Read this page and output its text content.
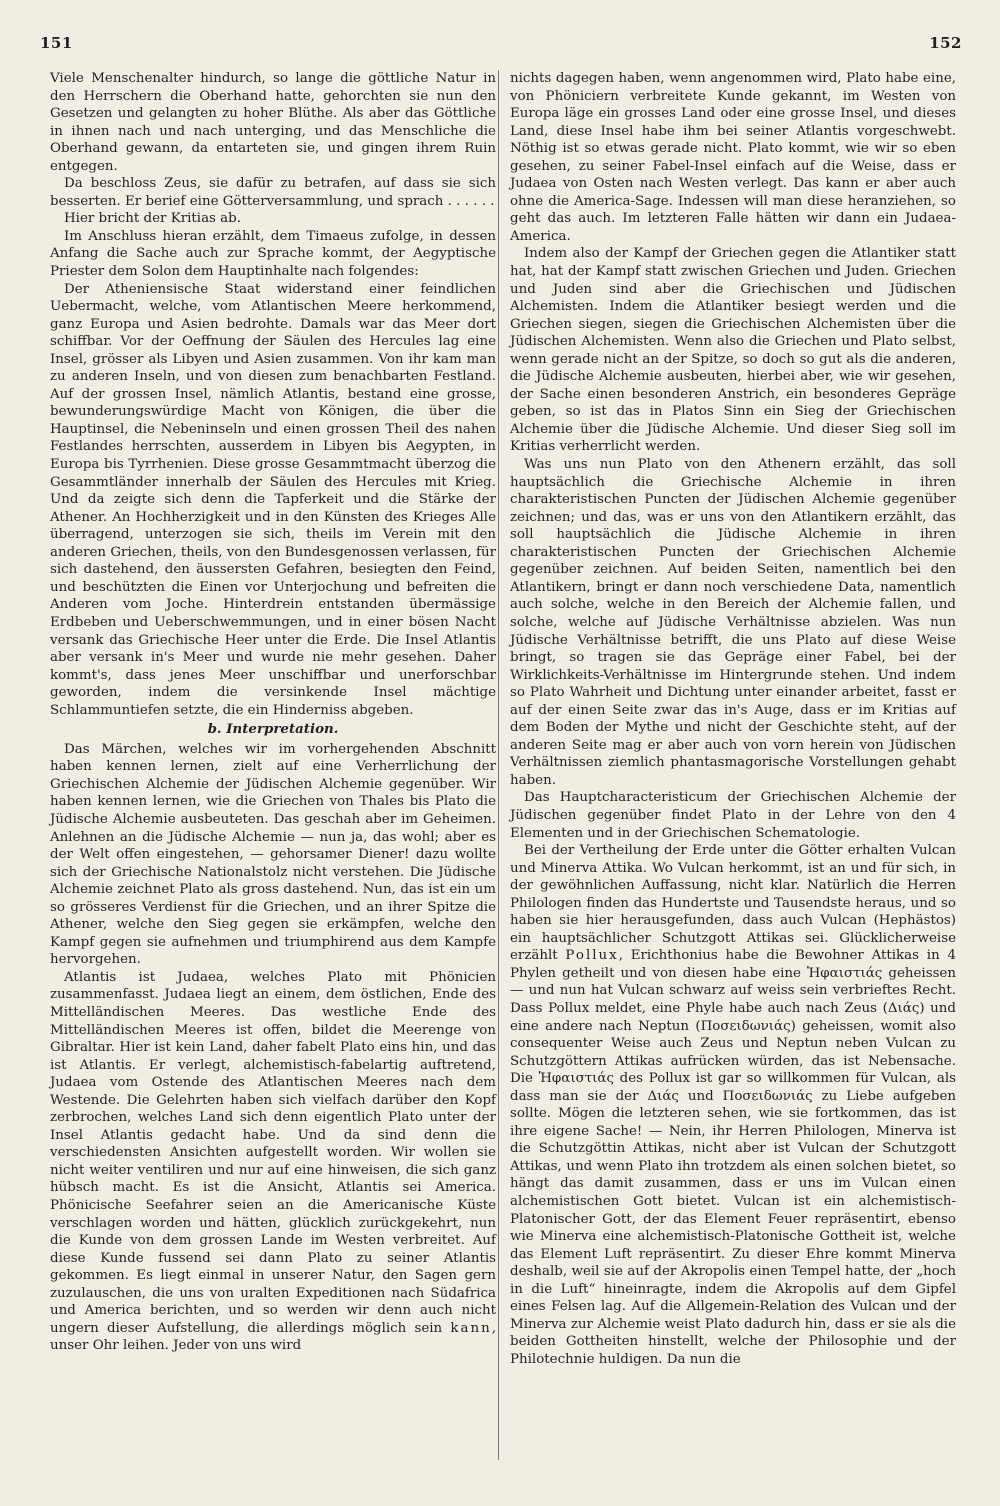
151	152

Viele Menschenalter hindurch, so lange die göttliche Natur in den Herrschern die Oberhand hatte, gehorchten sie nun den Gesetzen und gelangten zu hoher Blüthe. Als aber das Göttliche in ihnen nach und nach unterging, und das Menschliche die Oberhand gewann, da entarteten sie, und gingen ihrem Ruin entgegen.

Da beschloss Zeus, sie dafür zu betrafen, auf dass sie sich besserten. Er berief eine Götterversammlung, und sprach . . . . . .

Hier bricht der Kritias ab.

Im Anschluss hieran erzählt, dem Timaeus zufolge, in dessen Anfang die Sache auch zur Sprache kommt, der Aegyptische Priester dem Solon dem Hauptinhalte nach folgendes:

Der Atheniensische Staat widerstand einer feindlichen Uebermacht, welche, vom Atlantischen Meere herkommend, ganz Europa und Asien bedrohte. Damals war das Meer dort schiffbar. Vor der Oeffnung der Säulen des Hercules lag eine Insel, grösser als Libyen und Asien zusammen. Von ihr kam man zu anderen Inseln, und von diesen zum benachbarten Festland. Auf der grossen Insel, nämlich Atlantis, bestand eine grosse, bewunderungswürdige Macht von Königen, die über die Hauptinsel, die Nebeninseln und einen grossen Theil des nahen Festlandes herrschten, ausserdem in Libyen bis Aegypten, in Europa bis Tyrrhenien. Diese grosse Gesammtmacht überzog die Gesammtländer innerhalb der Säulen des Hercules mit Krieg. Und da zeigte sich denn die Tapferkeit und die Stärke der Athener. An Hochherzigkeit und in den Künsten des Krieges Alle überragend, unterzogen sie sich, theils im Verein mit den anderen Griechen, theils, von den Bundesgenossen verlassen, für sich dastehend, den äussersten Gefahren, besiegten den Feind, und beschützten die Einen vor Unterjochung und befreiten die Anderen vom Joche. Hinterdrein entstanden übermässige Erdbeben und Ueberschwemmungen, und in einer bösen Nacht versank das Griechische Heer unter die Erde. Die Insel Atlantis aber versank in's Meer und wurde nie mehr gesehen. Daher kommt's, dass jenes Meer unschiffbar und unerforschbar geworden, indem die versinkende Insel mächtige Schlammuntiefen setzte, die ein Hinderniss abgeben.

b. Interpretation.

Das Märchen, welches wir im vorhergehenden Abschnitt haben kennen lernen, zielt auf eine Verherrlichung der Griechischen Alchemie der Jüdischen Alchemie gegenüber. Wir haben kennen lernen, wie die Griechen von Thales bis Plato die Jüdische Alchemie ausbeuteten. Das geschah aber im Geheimen. Anlehnen an die Jüdische Alchemie — nun ja, das wohl; aber es der Welt offen eingestehen, — gehorsamer Diener! dazu wollte sich der Griechische Nationalstolz nicht verstehen. Die Jüdische Alchemie zeichnet Plato als gross dastehend. Nun, das ist ein um so grösseres Verdienst für die Griechen, und an ihrer Spitze die Athener, welche den Sieg gegen sie erkämpfen, welche den Kampf gegen sie aufnehmen und triumphirend aus dem Kampfe hervorgehen.

Atlantis ist Judaea, welches Plato mit Phönicien zusammenfasst. Judaea liegt an einem, dem östlichen, Ende des Mittelländischen Meeres. Das westliche Ende des Mittelländischen Meeres ist offen, bildet die Meerenge von Gibraltar. Hier ist kein Land, daher fabelt Plato eins hin, und das ist Atlantis. Er verlegt, alchemistisch-fabelartig auftretend, Judaea vom Ostende des Atlantischen Meeres nach dem Westende. Die Gelehrten haben sich vielfach darüber den Kopf zerbrochen, welches Land sich denn eigentlich Plato unter der Insel Atlantis gedacht habe. Und da sind denn die verschiedensten Ansichten aufgestellt worden. Wir wollen sie nicht weiter ventiliren und nur auf eine hinweisen, die sich ganz hübsch macht. Es ist die Ansicht, Atlantis sei America. Phönicische Seefahrer seien an die Americanische Küste verschlagen worden und hätten, glücklich zurückgekehrt, nun die Kunde von dem grossen Lande im Westen verbreitet. Auf diese Kunde fussend sei dann Plato zu seiner Atlantis gekommen. Es liegt einmal in unserer Natur, den Sagen gern zuzulauschen, die uns von uralten Expeditionen nach Südafrica und America berichten, und so werden wir denn auch nicht ungern dieser Aufstellung, die allerdings möglich sein kann, unser Ohr leihen. Jeder von uns wird

nichts dagegen haben, wenn angenommen wird, Plato habe eine, von Phöniciern verbreitete Kunde gekannt, im Westen von Europa läge ein grosses Land oder eine grosse Insel, und dieses Land, diese Insel habe ihm bei seiner Atlantis vorgeschwebt. Nöthig ist so etwas gerade nicht. Plato kommt, wie wir so eben gesehen, zu seiner Fabel-Insel einfach auf die Weise, dass er Judaea von Osten nach Westen verlegt. Das kann er aber auch ohne die America-Sage. Indessen will man diese heranziehen, so geht das auch. Im letzteren Falle hätten wir dann ein Judaea-America.

Indem also der Kampf der Griechen gegen die Atlantiker statt hat, hat der Kampf statt zwischen Griechen und Juden. Griechen und Juden sind aber die Griechischen und Jüdischen Alchemisten. Indem die Atlantiker besiegt werden und die Griechen siegen, siegen die Griechischen Alchemisten über die Jüdischen Alchemisten. Wenn also die Griechen und Plato selbst, wenn gerade nicht an der Spitze, so doch so gut als die anderen, die Jüdische Alchemie ausbeuten, hierbei aber, wie wir gesehen, der Sache einen besonderen Anstrich, ein besonderes Gepräge geben, so ist das in Platos Sinn ein Sieg der Griechischen Alchemie über die Jüdische Alchemie. Und dieser Sieg soll im Kritias verherrlicht werden.

Was uns nun Plato von den Athenern erzählt, das soll hauptsächlich die Griechische Alchemie in ihren charakteristischen Puncten der Jüdischen Alchemie gegenüber zeichnen; und das, was er uns von den Atlantikern erzählt, das soll hauptsächlich die Jüdische Alchemie in ihren charakteristischen Puncten der Griechischen Alchemie gegenüber zeichnen. Auf beiden Seiten, namentlich bei den Atlantikern, bringt er dann noch verschiedene Data, namentlich auch solche, welche in den Bereich der Alchemie fallen, und solche, welche auf Jüdische Verhältnisse abzielen. Was nun Jüdische Verhältnisse betrifft, die uns Plato auf diese Weise bringt, so tragen sie das Gepräge einer Fabel, bei der Wirklichkeits-Verhältnisse im Hintergrunde stehen. Und indem so Plato Wahrheit und Dichtung unter einander arbeitet, fasst er auf der einen Seite zwar das in's Auge, dass er im Kritias auf dem Boden der Mythe und nicht der Geschichte steht, auf der anderen Seite mag er aber auch von vorn herein von Jüdischen Verhältnissen ziemlich phantasmagorische Vorstellungen gehabt haben.

Das Hauptcharacteristicum der Griechischen Alchemie der Jüdischen gegenüber findet Plato in der Lehre von den 4 Elementen und in der Griechischen Schematologie.

Bei der Vertheilung der Erde unter die Götter erhalten Vulcan und Minerva Attika. Wo Vulcan herkommt, ist an und für sich, in der gewöhnlichen Auffassung, nicht klar. Natürlich die Herren Philologen finden das Hundertste und Tausendste heraus, und so haben sie hier herausgefunden, dass auch Vulcan (Hephästos) ein hauptsächlicher Schutzgott Attikas sei. Glücklicherweise erzählt Pollux, Erichthonius habe die Bewohner Attikas in 4 Phylen getheilt und von diesen habe eine Ἡφαιστιάς geheissen — und nun hat Vulcan schwarz auf weiss sein verbrieftes Recht. Dass Pollux meldet, eine Phyle habe auch nach Zeus (Διάς) und eine andere nach Neptun (Ποσειδωνιάς) geheissen, womit also consequenter Weise auch Zeus und Neptun neben Vulcan zu Schutzgöttern Attikas aufrücken würden, das ist Nebensache. Die Ἡφαιστιάς des Pollux ist gar so willkommen für Vulcan, als dass man sie der Διάς und Ποσειδωνιάς zu Liebe aufgeben sollte. Mögen die letzteren sehen, wie sie fortkommen, das ist ihre eigene Sache! — Nein, ihr Herren Philologen, Minerva ist die Schutzgöttin Attikas, nicht aber ist Vulcan der Schutzgott Attikas, und wenn Plato ihn trotzdem als einen solchen bietet, so hängt das damit zusammen, dass er uns im Vulcan einen alchemistischen Gott bietet. Vulcan ist ein alchemistisch-Platonischer Gott, der das Element Feuer repräsentirt, ebenso wie Minerva eine alchemistisch-Platonische Gottheit ist, welche das Element Luft repräsentirt. Zu dieser Ehre kommt Minerva deshalb, weil sie auf der Akropolis einen Tempel hatte, der „hoch in die Luft“ hineinragte, indem die Akropolis auf dem Gipfel eines Felsen lag. Auf die Allgemein-Relation des Vulcan und der Minerva zur Alchemie weist Plato dadurch hin, dass er sie als die beiden Gottheiten hinstellt, welche der Philosophie und der Philotechnie huldigen. Da nun die
